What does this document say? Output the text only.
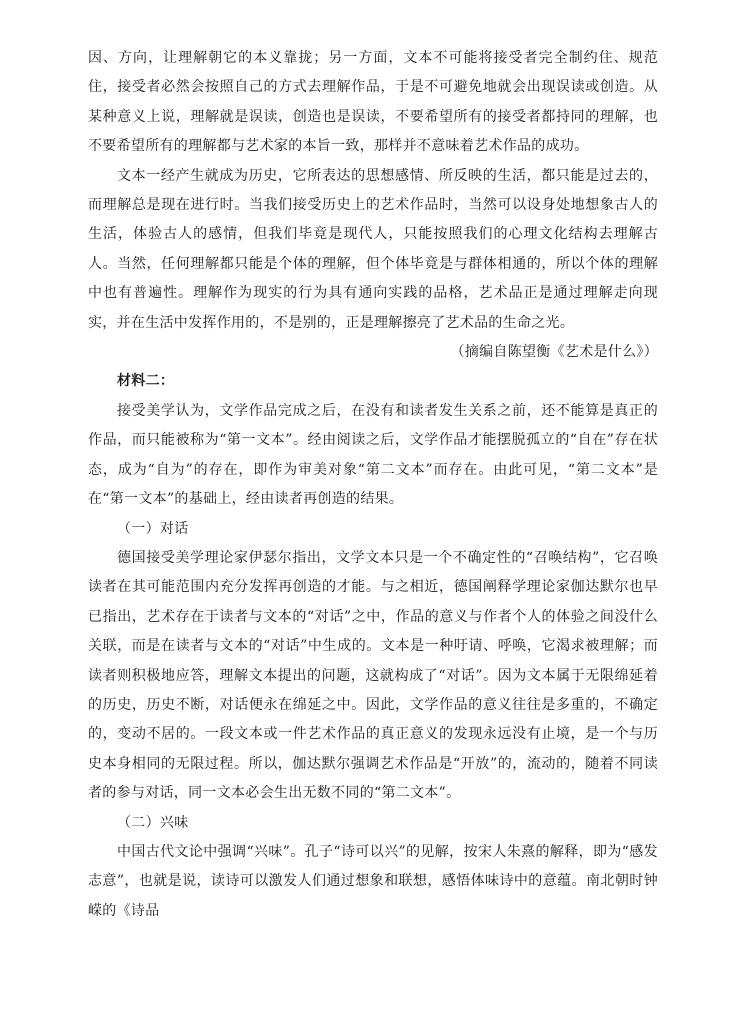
因、方向，让理解朝它的本义靠拢；另一方面，文本不可能将接受者完全制约住、规范住，接受者必然会按照自己的方式去理解作品，于是不可避免地就会出现误读或创造。从某种意义上说，理解就是误读，创造也是误读，不要希望所有的接受者都持同的理解，也不要希望所有的理解都与艺术家的本旨一致，那样并不意味着艺术作品的成功。

文本一经产生就成为历史，它所表达的思想感情、所反映的生活，都只能是过去的，而理解总是现在进行时。当我们接受历史上的艺术作品时，当然可以设身处地想象古人的生活，体验古人的感情，但我们毕竟是现代人，只能按照我们的心理文化结构去理解古人。当然，任何理解都只能是个体的理解，但个体毕竟是与群体相通的，所以个体的理解中也有普遍性。理解作为现实的行为具有通向实践的品格，艺术品正是通过理解走向现实，并在生活中发挥作用的，不是别的，正是理解擦亮了艺术品的生命之光。

（摘编自陈望衡《艺术是什么》）

材料二：

接受美学认为，文学作品完成之后，在没有和读者发生关系之前，还不能算是真正的作品，而只能被称为“第一文本”。经由阅读之后，文学作品才能摆脱孤立的“自在”存在状态，成为“自为”的存在，即作为审美对象“第二文本”而存在。由此可见，“第二文本”是在“第一文本”的基础上，经由读者再创造的结果。

（一）对话

德国接受美学理论家伊瑟尔指出，文学文本只是一个不确定性的“召唤结构”，它召唤读者在其可能范围内充分发挥再创造的才能。与之相近，德国阐释学理论家伽达默尔也早已指出，艺术存在于读者与文本的“对话”之中，作品的意义与作者个人的体验之间没什么关联，而是在读者与文本的“对话”中生成的。文本是一种吁请、呼唤，它渴求被理解；而读者则积极地应答，理解文本提出的问题，这就构成了“对话”。因为文本属于无限绵延着的历史，历史不断，对话便永在绵延之中。因此，文学作品的意义往往是多重的，不确定的，变动不居的。一段文本或一件艺术作品的真正意义的发现永远没有止境，是一个与历史本身相同的无限过程。所以，伽达默尔强调艺术作品是“开放”的，流动的，随着不同读者的参与对话，同一文本必会生出无数不同的“第二文本”。

（二）兴味

中国古代文论中强调“兴味”。孔子“诗可以兴”的见解，按宋人朱熹的解释，即为“感发志意”，也就是说，读诗可以激发人们通过想象和联想，感悟体味诗中的意蕴。南北朝时钟嵘的《诗品
